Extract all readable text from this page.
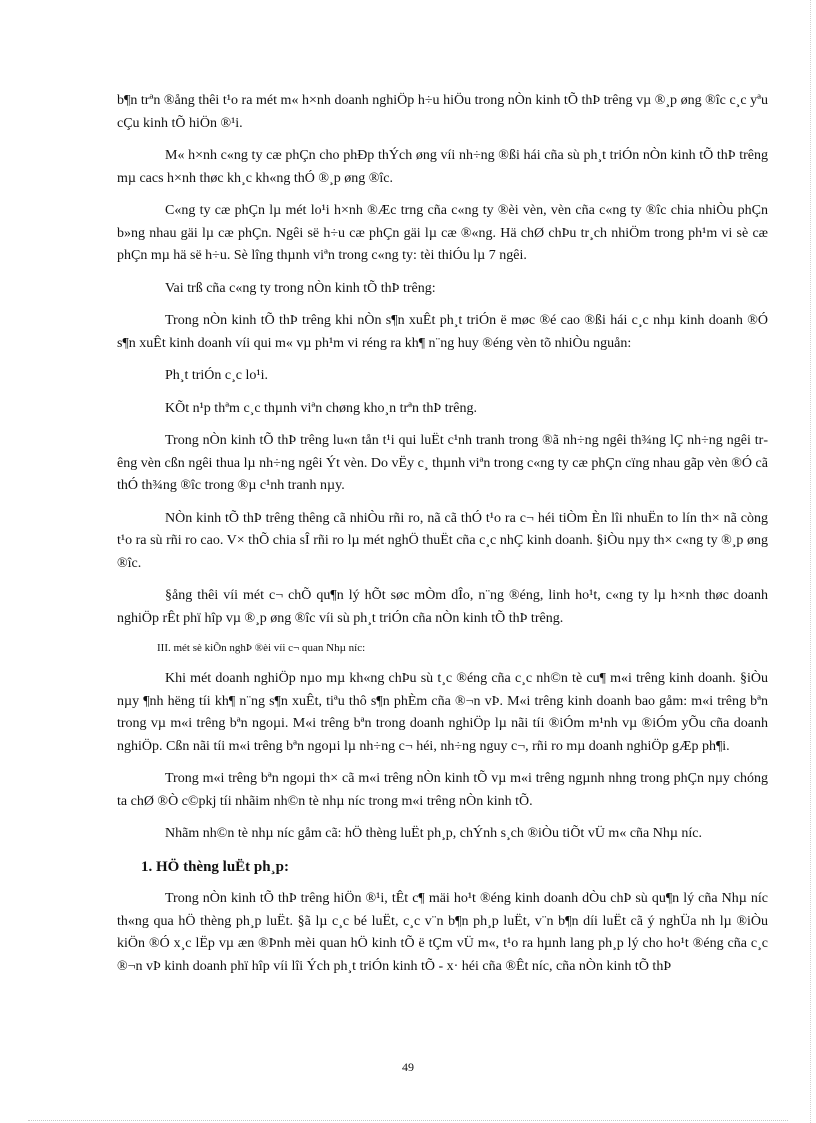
b¶n trªn ®ång thêi t¹o ra mét m« h×nh doanh nghiÖp h÷u hiÖu trong nÒn kinh tÕ thÞ trêng vµ ®¸p øng ®îc c¸c yªu cÇu kinh tÕ hiÖn ®¹i.

M« h×nh c«ng ty cæ phÇn cho phÐp thÝch øng víi nh÷ng ®ßi hái cña sù ph¸t triÓn nÒn kinh tÕ thÞ trêng mµ cacs h×nh thøc kh¸c kh«ng thÓ ®¸p øng ®îc.

C«ng ty cæ phÇn lµ mét lo¹i h×nh ®Æc trng cña c«ng ty ®èi vèn, vèn cña c«ng ty ®îc chia nhiÒu phÇn b»ng nhau gäi lµ cæ phÇn. Ngêi së h÷u cæ phÇn gäi lµ cæ ®«ng. Hä chØ chÞu tr¸ch nhiÖm trong ph¹m vi sè cæ phÇn mµ hä së h÷u. Sè lîng thµnh viªn trong c«ng ty: tèi thiÓu lµ 7 ngêi.

Vai trß cña c«ng ty trong nÒn kinh tÕ thÞ trêng:

Trong nÒn kinh tÕ thÞ trêng khi nÒn s¶n xuÊt ph¸t triÓn ë møc ®é cao ®ßi hái c¸c nhµ kinh doanh ®Ó s¶n xuÊt kinh doanh víi qui m« vµ ph¹m vi réng ra kh¶ n¨ng huy ®éng vèn tõ nhiÒu nguån:

Ph¸t triÓn c¸c lo¹i.

KÕt n¹p thªm c¸c thµnh viªn chøng kho¸n trªn thÞ trêng.

Trong nÒn kinh tÕ thÞ trêng lu«n tån t¹i qui luËt c¹nh tranh trong ®ã nh÷ng ngêi th¾ng lÇ nh÷ng ngêi trêng vèn cßn ngêi thua lµ nh÷ng ngêi Ýt vèn. Do vËy c¸ thµnh viªn trong c«ng ty cæ phÇn cïng nhau gãp vèn ®Ó cã thÓ th¾ng ®îc trong ®µ c¹nh tranh nµy.

NÒn kinh tÕ thÞ trêng thêng cã nhiÒu rñi ro, nã cã thÓ t¹o ra c¬ héi tiÒm Èn lîi nhuËn to lín th× nã còng t¹o ra sù rñi ro cao. V× thÕ chia sÎ rñi ro lµ mét nghÖ thuËt cña c¸c nhÇ kinh doanh. §iÒu nµy th× c«ng ty ®¸p øng ®îc.

§ång thêi víi mét c¬ chÕ qu¶n lý hÕt søc mÒm dÎo, n¨ng ®éng, linh ho¹t, c«ng ty lµ h×nh thøc doanh nghiÖp rÊt phï hîp vµ ®¸p øng ®îc víi sù ph¸t triÓn cña nÒn kinh tÕ thÞ trêng.

III. mét sè kiÕn nghÞ ®èi víi c¬ quan Nhµ níc:

Khi mét doanh nghiÖp nµo mµ kh«ng chÞu sù t¸c ®éng cña c¸c nh©n tè cu¶ m«i trêng kinh doanh. §iÒu nµy ¶nh hëng tíi kh¶ n¨ng s¶n xuÊt, tiªu thô s¶n phÈm cña ®¬n vÞ. M«i trêng kinh doanh bao gåm: m«i trêng bªn trong vµ m«i trêng bªn ngoµi. M«i trêng bªn trong doanh nghiÖp lµ nãi tíi ®iÓm m¹nh vµ ®iÓm yÕu cña doanh nghiÖp. Cßn nãi tíi m«i trêng bªn ngoµi lµ nh÷ng c¬ héi, nh÷ng nguy c¬, rñi ro mµ doanh nghiÖp gÆp ph¶i.

Trong m«i trêng bªn ngoµi th× cã m«i trêng nÒn kinh tÕ vµ m«i trêng ngµnh nhng trong phÇn nµy chóng ta chØ ®Ò c©pkj tíi nhãim nh©n tè nhµ níc trong m«i trêng nÒn kinh tÕ.

Nhãm nh©n tè nhµ níc gåm cã: hÖ thèng luËt ph¸p, chÝnh s¸ch ®iÒu tiÕt vÜ m« cña Nhµ níc.

1. HÖ thèng luËt ph¸p:

Trong nÒn kinh tÕ thÞ trêng hiÖn ®¹i, tÊt c¶ mäi ho¹t ®éng kinh doanh dÒu chÞ sù qu¶n lý cña Nhµ níc th«ng qua hÖ thèng ph¸p luËt. §ã lµ c¸c bé luËt, c¸c v¨n b¶n ph¸p luËt, v¨n b¶n díi luËt cã ý nghÜa nh lµ ®iÒu kiÖn ®Ó x¸c lËp vµ æn ®Þnh mèi quan hÖ kinh tÕ ë tÇm vÜ m«, t¹o ra hµnh lang ph¸p lý cho ho¹t ®éng cña c¸c ®¬n vÞ kinh doanh phï hîp víi lîi Ých ph¸t triÓn kinh tÕ - x· héi cña ®Êt níc, cña nÒn kinh tÕ thÞ

49
